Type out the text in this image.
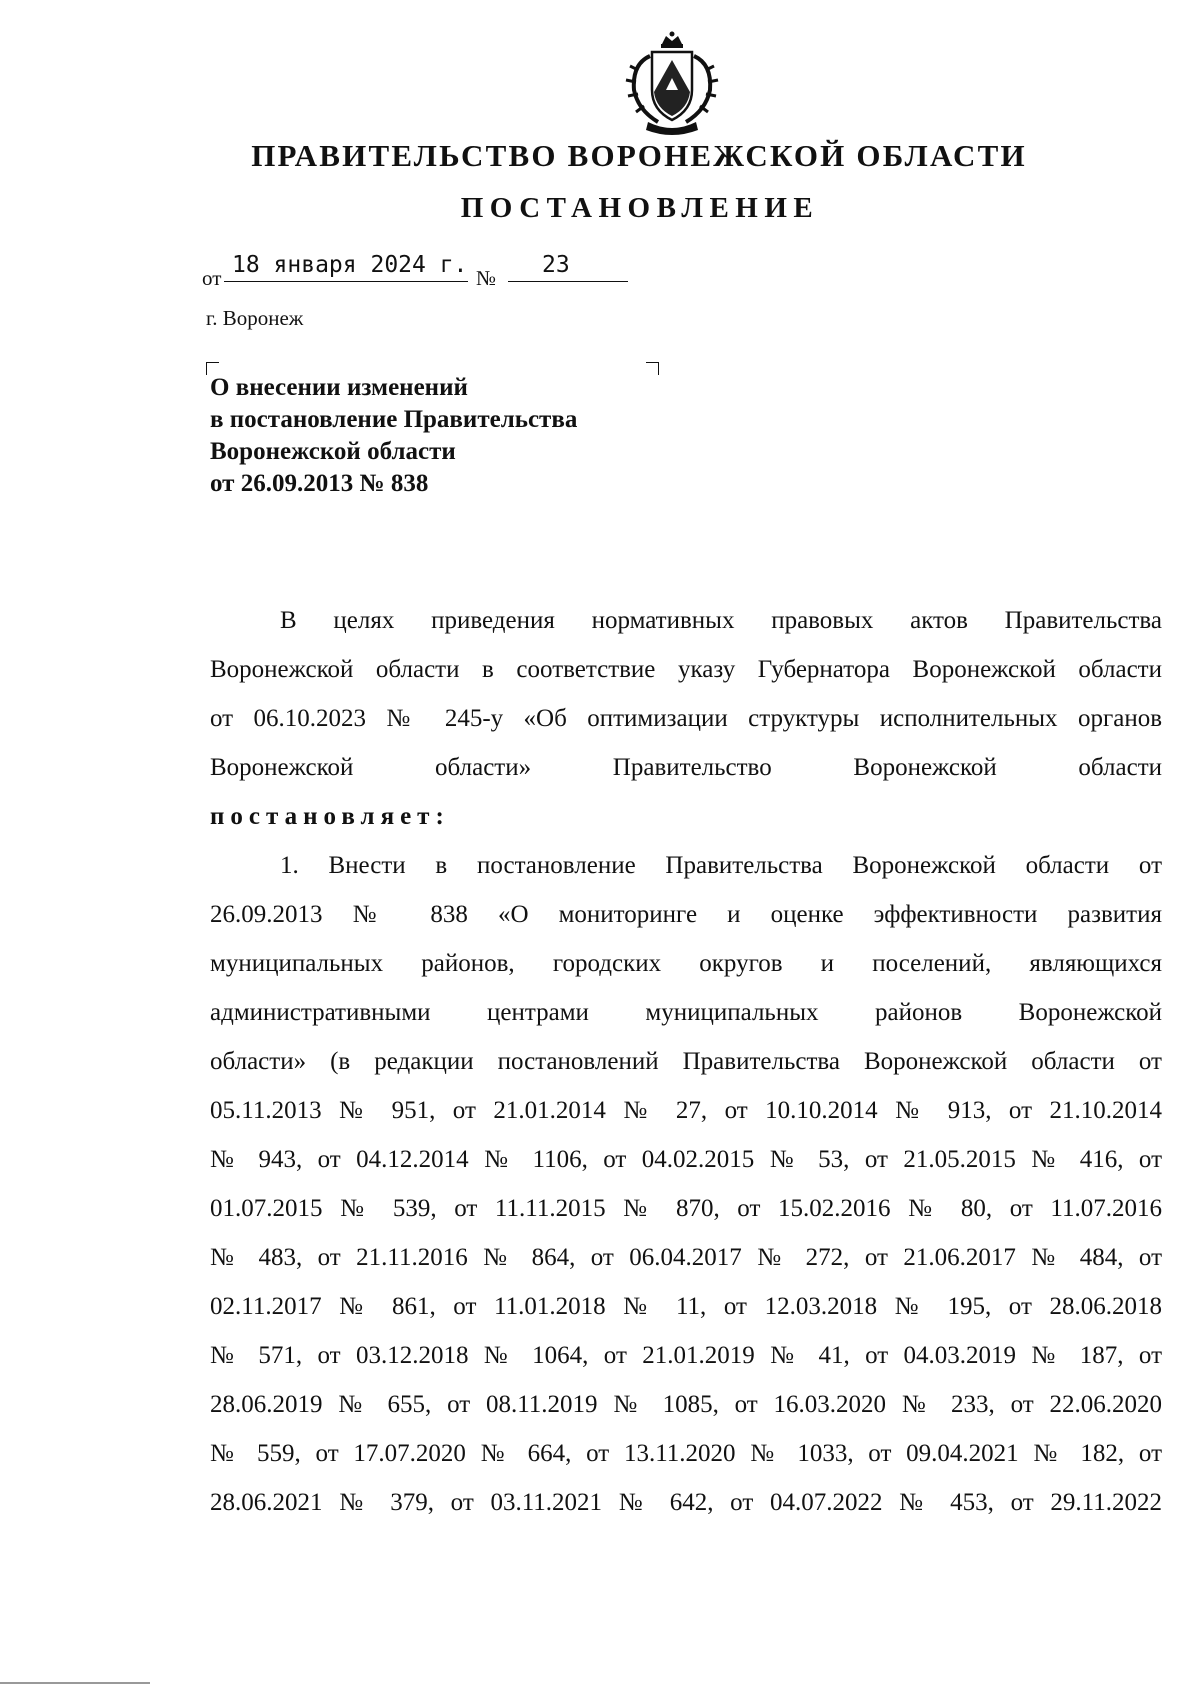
ПРАВИТЕЛЬСТВО ВОРОНЕЖСКОЙ ОБЛАСТИ
ПОСТАНОВЛЕНИЕ
от 18 января 2024 г. №	23
г. Воронеж
О внесении изменений
в постановление Правительства
Воронежской области
от 26.09.2013 № 838
В целях приведения нормативных правовых актов Правительства
Воронежской области в соответствие указу Губернатора Воронежской области
от 06.10.2023 № 245-у «Об оптимизации структуры исполнительных органов
Воронежской области» Правительство Воронежской области
постановляет:
1. Внести в постановление Правительства Воронежской области от
26.09.2013 № 838 «О мониторинге и оценке эффективности развития
муниципальных районов, городских округов и поселений, являющихся
административными центрами муниципальных районов Воронежской
области» (в редакции постановлений Правительства Воронежской области от
05.11.2013 № 951, от 21.01.2014 № 27, от 10.10.2014 № 913, от 21.10.2014
№ 943, от 04.12.2014 № 1106, от 04.02.2015 № 53, от 21.05.2015 № 416, от
01.07.2015 № 539, от 11.11.2015 № 870, от 15.02.2016 № 80, от 11.07.2016
№ 483, от 21.11.2016 № 864, от 06.04.2017 № 272, от 21.06.2017 № 484, от
02.11.2017 № 861, от 11.01.2018 № 11, от 12.03.2018 № 195, от 28.06.2018
№ 571, от 03.12.2018 № 1064, от 21.01.2019 № 41, от 04.03.2019 № 187, от
28.06.2019 № 655, от 08.11.2019 № 1085, от 16.03.2020 № 233, от 22.06.2020
№ 559, от 17.07.2020 № 664, от 13.11.2020 № 1033, от 09.04.2021 № 182, от
28.06.2021 № 379, от 03.11.2021 № 642, от 04.07.2022 № 453, от 29.11.2022
